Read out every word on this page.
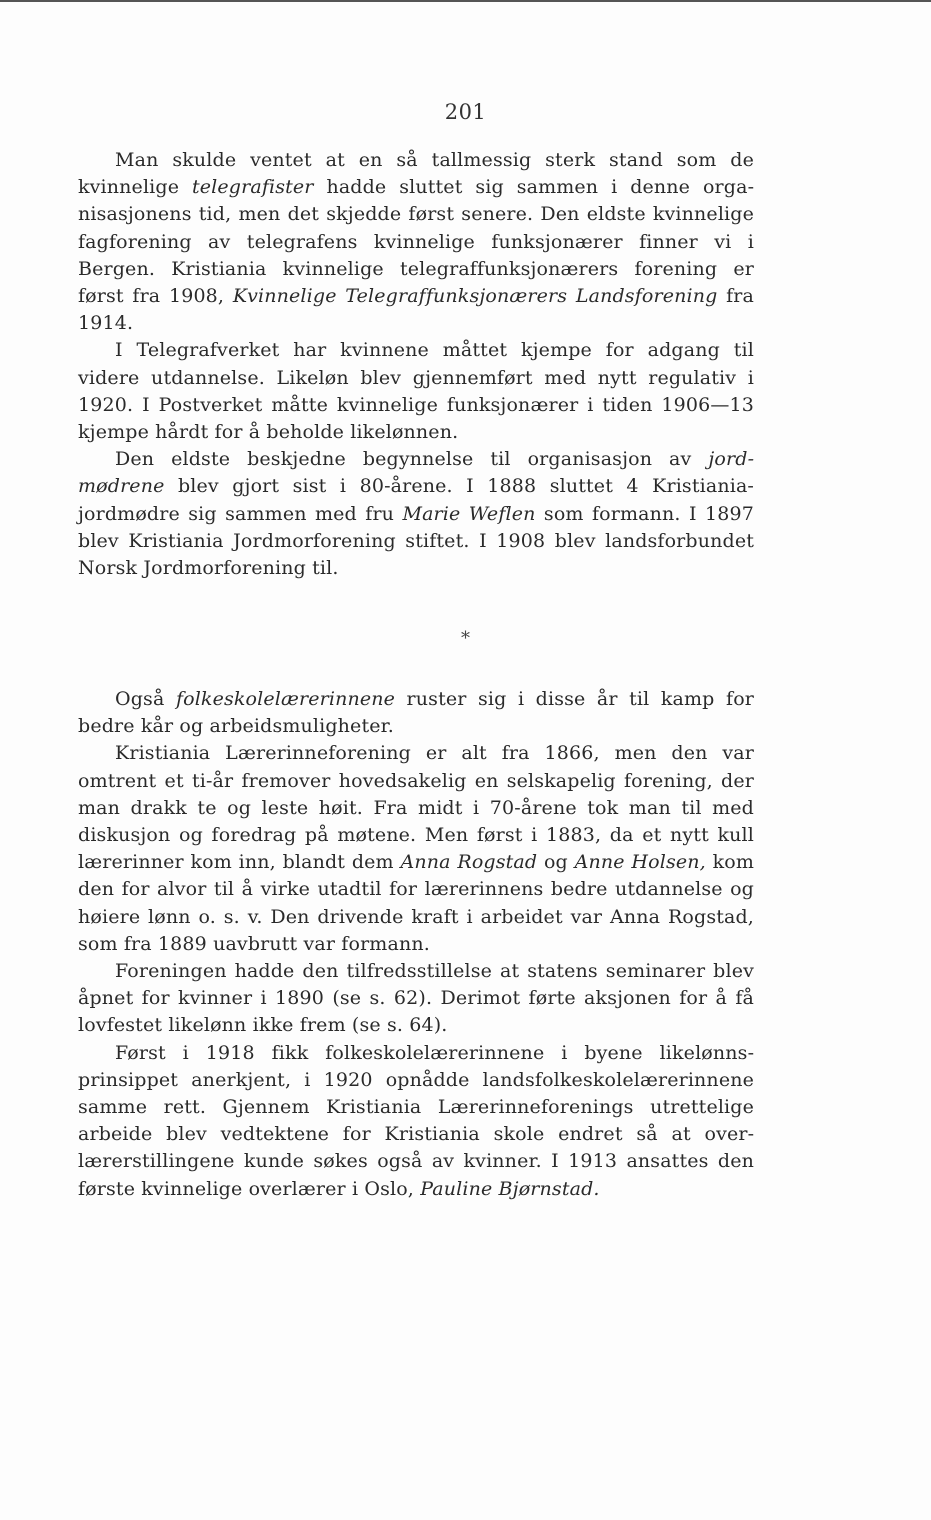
201

Man skulde ventet at en så tallmessig sterk stand som de kvinnelige telegrafister hadde sluttet sig sammen i denne organisasjonens tid, men det skjedde først senere. Den eldste kvinnelige fagforening av telegrafens kvinnelige funksjonærer finner vi i Bergen. Kristiania kvinnelige telegraffunksjonærers forening er først fra 1908, Kvinnelige Telegraffunksjonærers Landsforening fra 1914.

I Telegrafverket har kvinnene måttet kjempe for adgang til videre utdannelse. Likeløn blev gjennemført med nytt regulativ i 1920. I Postverket måtte kvinnelige funksjonærer i tiden 1906—13 kjempe hårdt for å beholde likelønnen.

Den eldste beskjedne begynnelse til organisasjon av jordmødrene blev gjort sist i 80-årene. I 1888 sluttet 4 Kristiania-jordmødre sig sammen med fru Marie Weflen som formann. I 1897 blev Kristiania Jordmorforening stiftet. I 1908 blev landsforbundet Norsk Jordmorforening til.

*

Også folkeskolelærerinnene ruster sig i disse år til kamp for bedre kår og arbeidsmuligheter.

Kristiania Lærerinneforening er alt fra 1866, men den var omtrent et ti-år fremover hovedsakelig en selskapelig forening, der man drakk te og leste høit. Fra midt i 70-årene tok man til med diskusjon og foredrag på møtene. Men først i 1883, da et nytt kull lærerinner kom inn, blandt dem Anna Rogstad og Anne Holsen, kom den for alvor til å virke utadtil for lærerinnens bedre utdannelse og høiere lønn o. s. v. Den drivende kraft i arbeidet var Anna Rogstad, som fra 1889 uavbrutt var formann.

Foreningen hadde den tilfredsstillelse at statens seminarer blev åpnet for kvinner i 1890 (se s. 62). Derimot førte aksjonen for å få lovfestet likelønn ikke frem (se s. 64).

Først i 1918 fikk folkeskolelærerinnene i byene likelønnsprinsippet anerkjent, i 1920 opnådde landsfolkeskolelærerinnene samme rett. Gjennem Kristiania Lærerinneforenings utrettelige arbeide blev vedtektene for Kristiania skole endret så at overlærerstillingene kunde søkes også av kvinner. I 1913 ansattes den første kvinnelige overlærer i Oslo, Pauline Bjørnstad.
